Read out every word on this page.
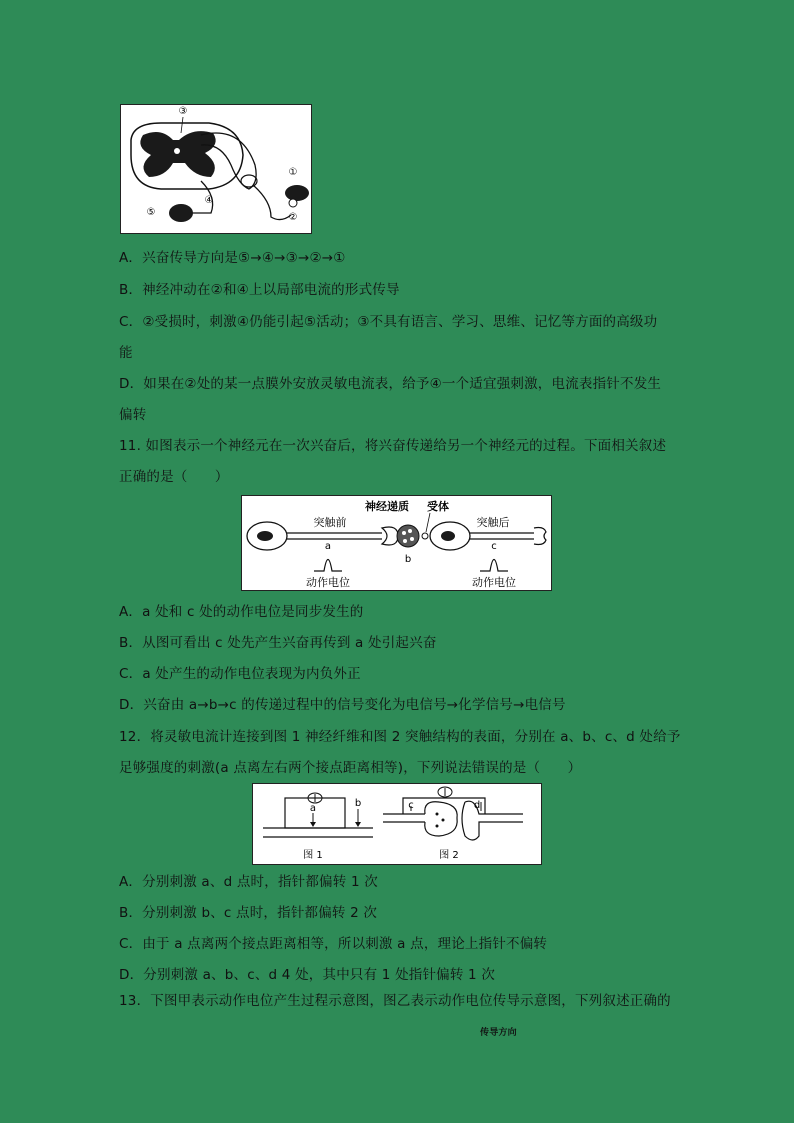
③
①
②
④
⑤
A．兴奋传导方向是⑤→④→③→②→①
B．神经冲动在②和④上以局部电流的形式传导
C．②受损时，刺激④仍能引起⑤活动；③不具有语言、学习、思维、记忆等方面的高级功
能
D．如果在②处的某一点膜外安放灵敏电流表，给予④一个适宜强刺激，电流表指针不发生
偏转
11. 如图表示一个神经元在一次兴奋后，将兴奋传递给另一个神经元的过程。下面相关叙述
正确的是（　　）
突触前
神经递质 受体
突触后
a
b
c
动作电位	动作电位
A．a 处和 c 处的动作电位是同步发生的
B．从图可看出 c 处先产生兴奋再传到 a 处引起兴奋
C．a 处产生的动作电位表现为内负外正
D．兴奋由 a→b→c 的传递过程中的信号变化为电信号→化学信号→电信号
12．将灵敏电流计连接到图 1 神经纤维和图 2 突触结构的表面，分别在 a、b、c、d 处给予
足够强度的刺激(a 点离左右两个接点距离相等)，下列说法错误的是（　　）
a	b
图 1
c	d
图 2
A．分别刺激 a、d 点时，指针都偏转 1 次
B．分别刺激 b、c 点时，指针都偏转 2 次
C．由于 a 点离两个接点距离相等，所以刺激 a 点，理论上指针不偏转
D．分别刺激 a、b、c、d 4 处，其中只有 1 处指针偏转 1 次
13．下图甲表示动作电位产生过程示意图，图乙表示动作电位传导示意图，下列叙述正确的
传导方向
